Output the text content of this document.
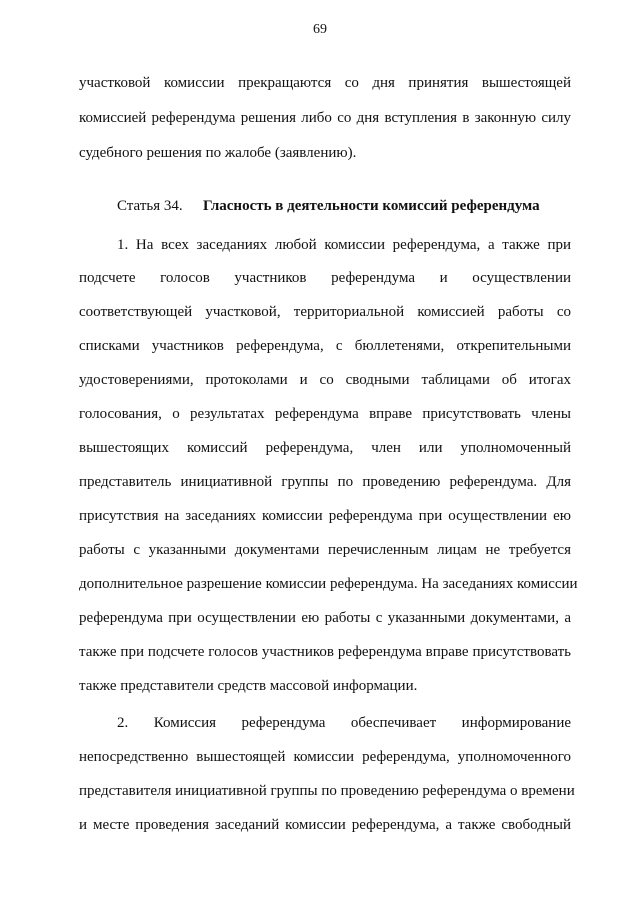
69
участковой комиссии прекращаются со дня принятия вышестоящей
комиссией референдума решения либо со дня вступления в законную силу
судебного решения по жалобе (заявлению).
Статья 34. Гласность в деятельности комиссий референдума
1. На всех заседаниях любой комиссии референдума, а также при
подсчете голосов участников референдума и осуществлении
соответствующей участковой, территориальной комиссией работы со
списками участников референдума, с бюллетенями, открепительными
удостоверениями, протоколами и со сводными таблицами об итогах
голосования, о результатах референдума вправе присутствовать члены
вышестоящих комиссий референдума, член или уполномоченный
представитель инициативной группы по проведению референдума. Для
присутствия на заседаниях комиссии референдума при осуществлении ею
работы с указанными документами перечисленным лицам не требуется
дополнительное разрешение комиссии референдума. На заседаниях комиссии
референдума при осуществлении ею работы с указанными документами, а
также при подсчете голосов участников референдума вправе присутствовать
также представители средств массовой информации.
2. Комиссия референдума обеспечивает информирование
непосредственно вышестоящей комиссии референдума, уполномоченного
представителя инициативной группы по проведению референдума о времени
и месте проведения заседаний комиссии референдума, а также свободный
